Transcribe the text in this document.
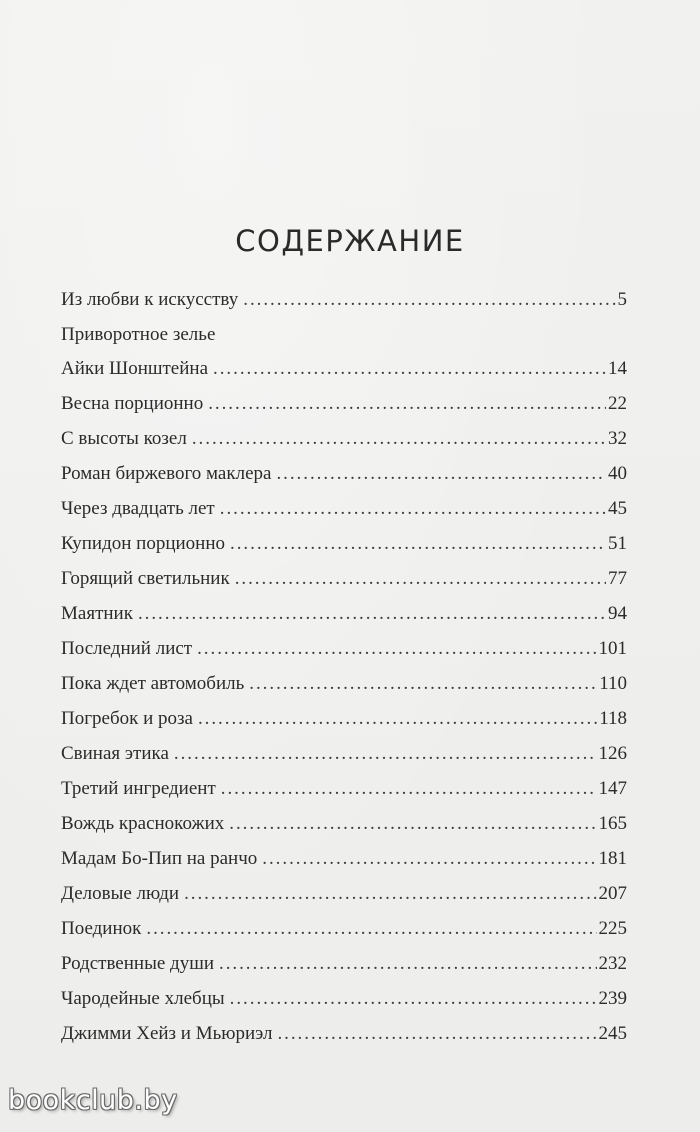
СОДЕРЖАНИЕ
Из любви к искусству . . .	5
Приворотное зелье
Айки Шонштейна . . .	14
Весна порционно . . .	22
С высоты козел . . .	32
Роман биржевого маклера . . .	40
Через двадцать лет . . .	45
Купидон порционно . . .	51
Горящий светильник . . .	77
Маятник . . .	94
Последний лист . . .	101
Пока ждет автомобиль . . .	110
Погребок и роза . . .	118
Свиная этика . . .	126
Третий ингредиент . . .	147
Вождь краснокожих . . .	165
Мадам Бо-Пип на ранчо . . .	181
Деловые люди . . .	207
Поединок . . .	225
Родственные души . . .	232
Чародейные хлебцы . . .	239
Джимми Хейз и Мьюриэл . . .	245
bookclub.by
